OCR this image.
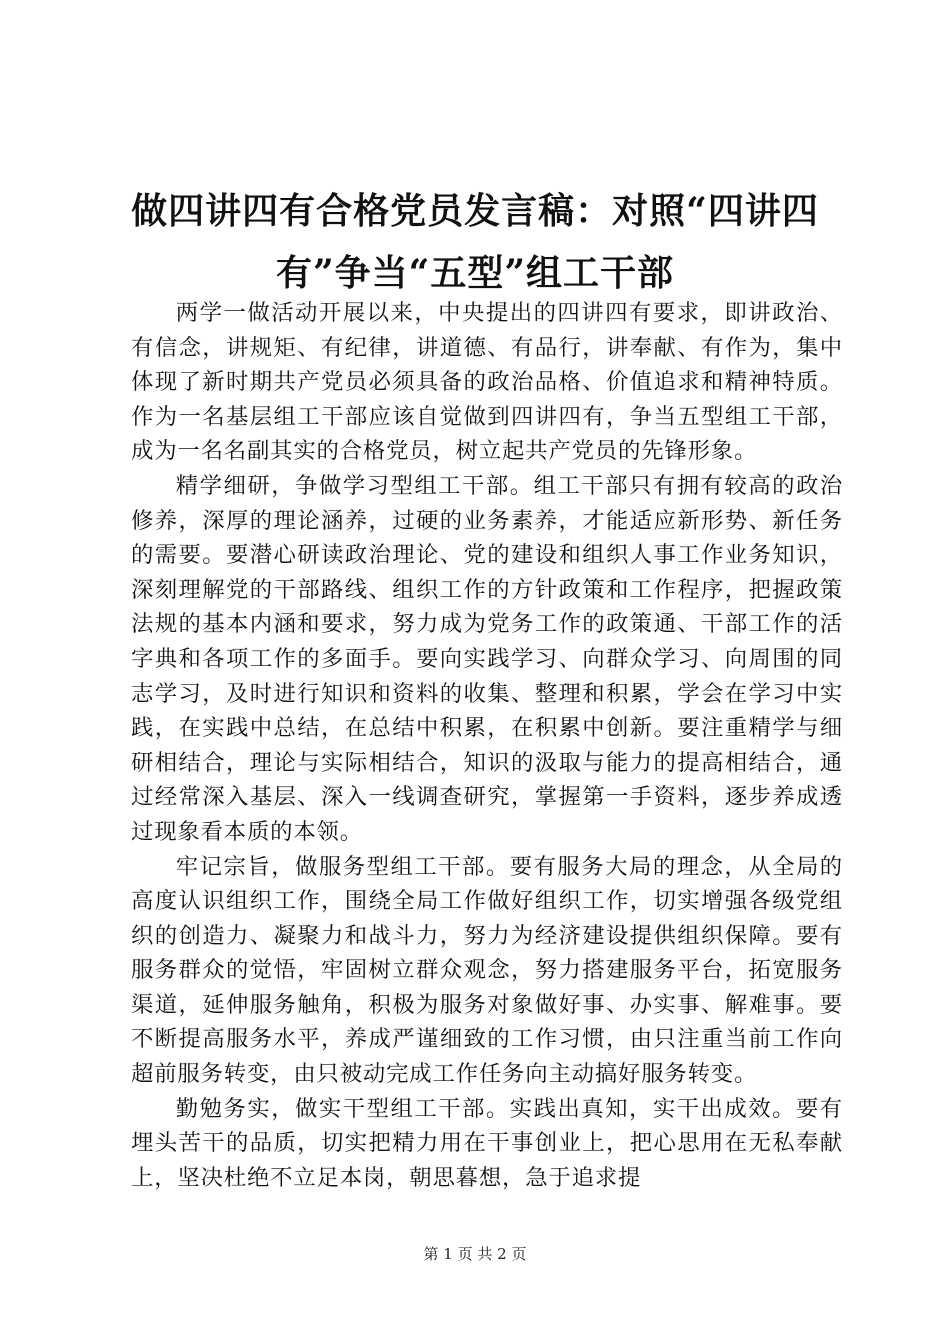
做四讲四有合格党员发言稿：对照“四讲四
有”争当“五型”组工干部

两学一做活动开展以来，中央提出的四讲四有要求，即讲政治、有信念，讲规矩、有纪律，讲道德、有品行，讲奉献、有作为，集中体现了新时期共产党员必须具备的政治品格、价值追求和精神特质。作为一名基层组工干部应该自觉做到四讲四有，争当五型组工干部，成为一名名副其实的合格党员，树立起共产党员的先锋形象。

精学细研，争做学习型组工干部。组工干部只有拥有较高的政治修养，深厚的理论涵养，过硬的业务素养，才能适应新形势、新任务的需要。要潜心研读政治理论、党的建设和组织人事工作业务知识，深刻理解党的干部路线、组织工作的方针政策和工作程序，把握政策法规的基本内涵和要求，努力成为党务工作的政策通、干部工作的活字典和各项工作的多面手。要向实践学习、向群众学习、向周围的同志学习，及时进行知识和资料的收集、整理和积累，学会在学习中实践，在实践中总结，在总结中积累，在积累中创新。要注重精学与细研相结合，理论与实际相结合，知识的汲取与能力的提高相结合，通过经常深入基层、深入一线调查研究，掌握第一手资料，逐步养成透过现象看本质的本领。

牢记宗旨，做服务型组工干部。要有服务大局的理念，从全局的高度认识组织工作，围绕全局工作做好组织工作，切实增强各级党组织的创造力、凝聚力和战斗力，努力为经济建设提供组织保障。要有服务群众的觉悟，牢固树立群众观念，努力搭建服务平台，拓宽服务渠道，延伸服务触角，积极为服务对象做好事、办实事、解难事。要不断提高服务水平，养成严谨细致的工作习惯，由只注重当前工作向超前服务转变，由只被动完成工作任务向主动搞好服务转变。

勤勉务实，做实干型组工干部。实践出真知，实干出成效。要有埋头苦干的品质，切实把精力用在干事创业上，把心思用在无私奉献上，坚决杜绝不立足本岗，朝思暮想，急于追求提

第 1 页 共 2 页
